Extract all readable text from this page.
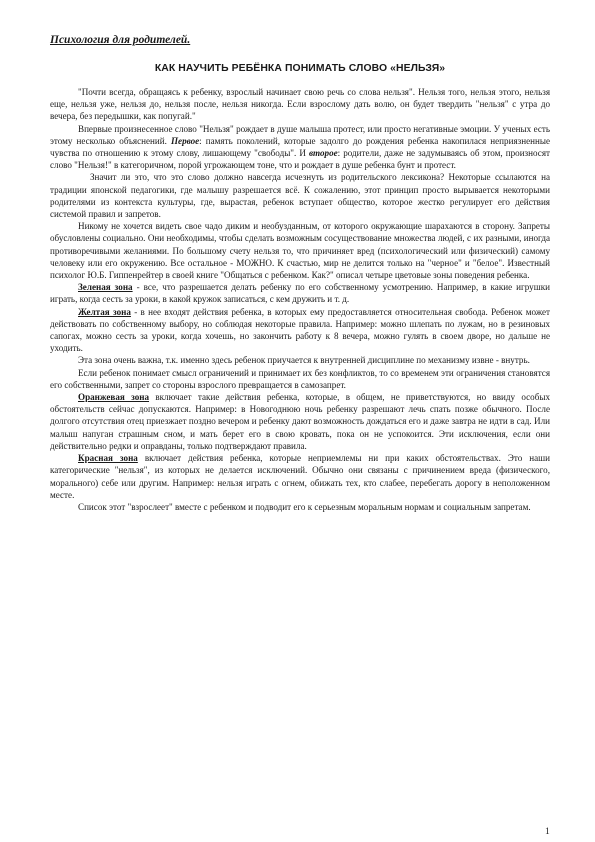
Психология для родителей.
КАК НАУЧИТЬ РЕБЁНКА ПОНИМАТЬ СЛОВО «НЕЛЬЗЯ»

"Почти всегда, обращаясь к ребенку, взрослый начинает свою речь со слова нельзя". Нельзя того, нельзя этого, нельзя еще, нельзя уже, нельзя до, нельзя после, нельзя никогда. Если взрослому дать волю, он будет твердить "нельзя" с утра до вечера, без передышки, как попугай."

Впервые произнесенное слово "Нельзя" рождает в душе малыша протест, или просто негативные эмоции. У ученых есть этому несколько объяснений. Первое: память поколений, которые задолго до рождения ребенка накопилася неприязненные чувства по отношению к этому слову, лишающему "свободы". И второе: родители, даже не задумываясь об этом, произносят слово "Нельзя!" в категоричном, порой угрожающем тоне, что и рождает в душе ребенка бунт и протест.

Значит ли это, что это слово должно навсегда исчезнуть из родительского лексикона? Некоторые ссылаются на традиции японской педагогики, где малышу разрешается всё. К сожалению, этот принцип просто вырывается некоторыми родителями из контекста культуры, где, вырастая, ребенок вступает общество, которое жестко регулирует его действия системой правил и запретов.

Никому не хочется видеть свое чадо диким и необузданным, от которого окружающие шарахаются в сторону. Запреты обусловлены социально. Они необходимы, чтобы сделать возможным сосуществование множества людей, с их разными, иногда противоречивыми желаниями. По большому счету нельзя то, что причиняет вред (психологический или физический) самому человеку или его окружению. Все остальное - МОЖНО. К счастью, мир не делится только на "черное" и "белое". Известный психолог Ю.Б. Гиппенрейтер в своей книге "Общаться с ребенком. Как?" описал четыре цветовые зоны поведения ребенка.

Зеленая зона - все, что разрешается делать ребенку по его собственному усмотрению. Например, в какие игрушки играть, когда сесть за уроки, в какой кружок записаться, с кем дружить и т. д.

Желтая зона - в нее входят действия ребенка, в которых ему предоставляется относительная свобода. Ребенок может действовать по собственному выбору, но соблюдая некоторые правила. Например: можно шлепать по лужам, но в резиновых сапогах, можно сесть за уроки, когда хочешь, но закончить работу к 8 вечера, можно гулять в своем дворе, но дальше не уходить.

Эта зона очень важна, т.к. именно здесь ребенок приучается к внутренней дисциплине по механизму извне - внутрь.

Если ребенок понимает смысл ограничений и принимает их без конфликтов, то со временем эти ограничения становятся его собственными, запрет со стороны взрослого превращается в самозапрет.

Оранжевая зона включает такие действия ребенка, которые, в общем, не приветствуются, но ввиду особых обстоятельств сейчас допускаются. Например: в Новогоднюю ночь ребенку разрешают лечь спать позже обычного. После долгого отсутствия отец приезжает поздно вечером и ребенку дают возможность дождаться его и даже завтра не идти в сад. Или малыш напуган страшным сном, и мать берет его в свою кровать, пока он не успокоится. Эти исключения, если они действительно редки и оправданы, только подтверждают правила.

Красная зона включает действия ребенка, которые неприемлемы ни при каких обстоятельствах. Это наши категорические "нельзя", из которых не делается исключений. Обычно они связаны с причинением вреда (физического, морального) себе или другим. Например: нельзя играть с огнем, обижать тех, кто слабее, перебегать дорогу в неположенном месте.

Список этот "взрослеет" вместе с ребенком и подводит его к серьезным моральным нормам и социальным запретам.

1
